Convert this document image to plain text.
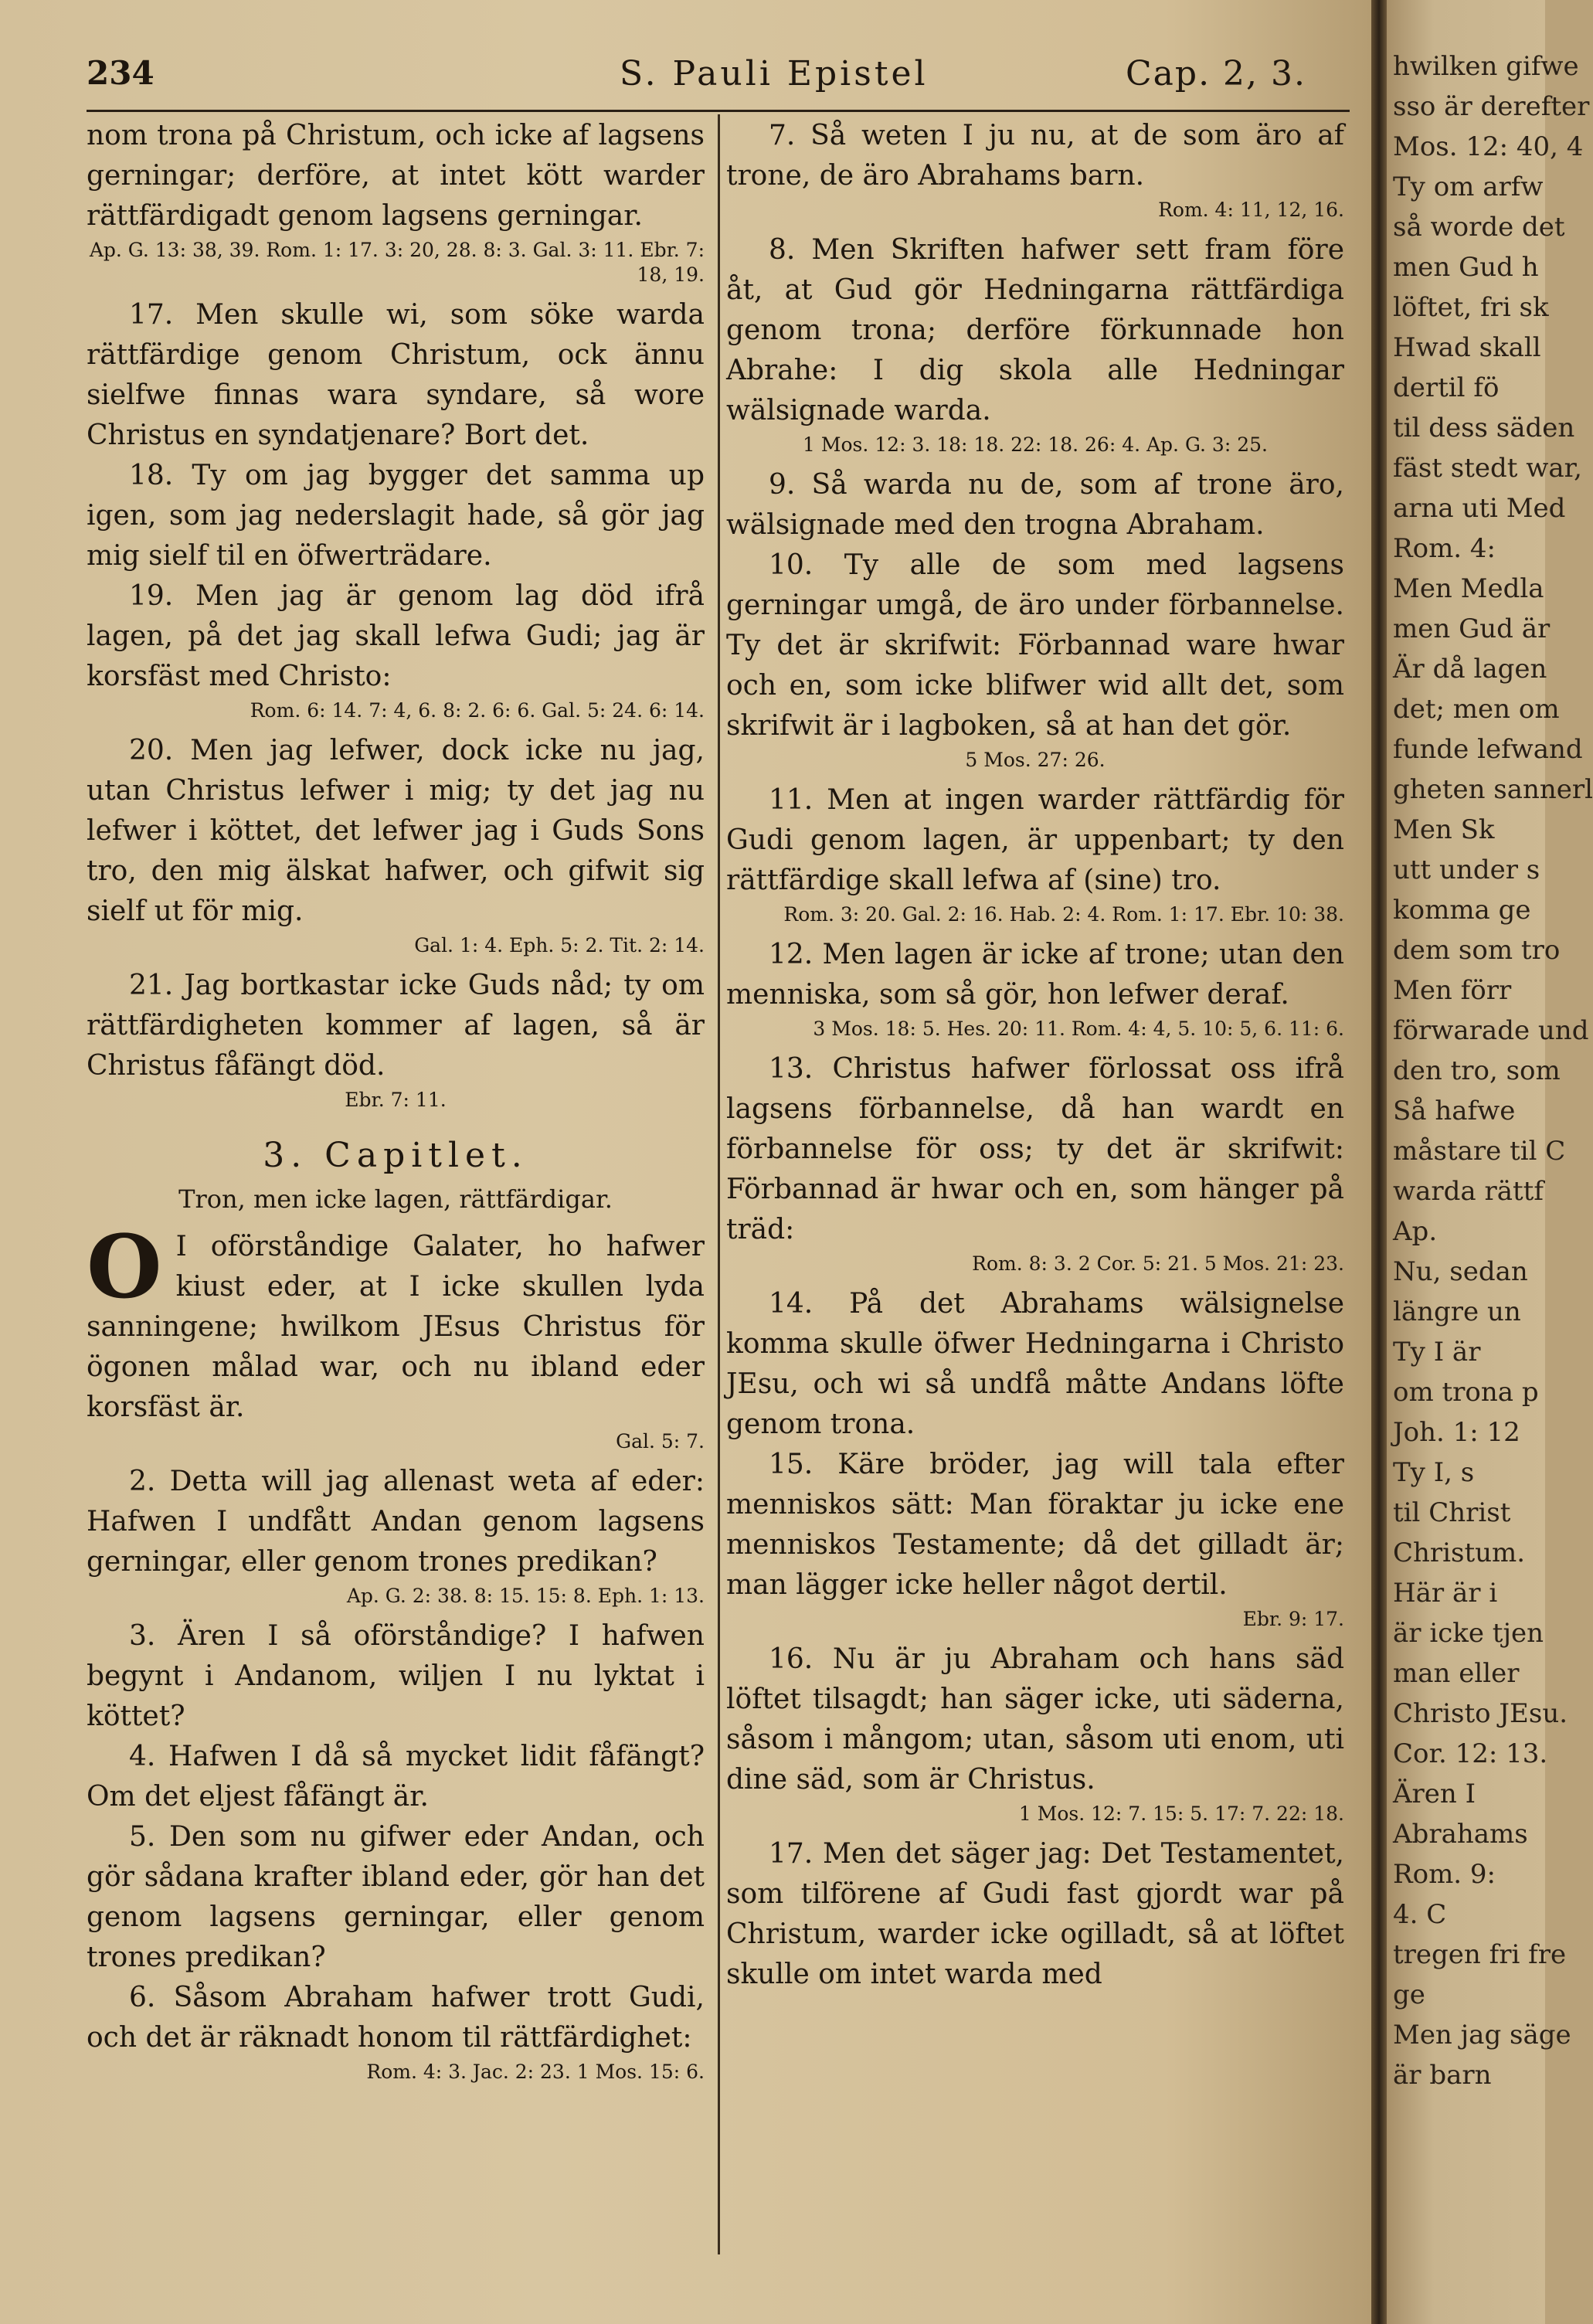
234	S. Pauli Epistel	Cap. 2, 3.

nom trona på Christum, och icke af lagsens gerningar; derföre, at intet kött warder rättfärdigadt genom lagsens gerningar.

Ap. G. 13: 38, 39. Rom. 1: 17. 3: 20, 28. 8: 3. Gal. 3: 11. Ebr. 7: 18, 19.

17. Men skulle wi, som söke warda rättfärdige genom Christum, ock ännu sielfwe finnas wara syndare, så wore Christus en syndatjenare? Bort det.

18. Ty om jag bygger det samma up igen, som jag nederslagit hade, så gör jag mig sielf til en öfwerträdare.

19. Men jag är genom lag död ifrå lagen, på det jag skall lefwa Gudi; jag är korsfäst med Christo:

Rom. 6: 14. 7: 4, 6. 8: 2. 6: 6. Gal. 5: 24. 6: 14.

20. Men jag lefwer, dock icke nu jag, utan Christus lefwer i mig; ty det jag nu lefwer i köttet, det lefwer jag i Guds Sons tro, den mig älskat hafwer, och gifwit sig sielf ut för mig.

Gal. 1: 4. Eph. 5: 2. Tit. 2: 14.

21. Jag bortkastar icke Guds nåd; ty om rättfärdigheten kommer af lagen, så är Christus fåfängt död.

Ebr. 7: 11.

3. Capitlet.

Tron, men icke lagen, rättfärdigar.

O I oförståndige Galater, ho hafwer kiust eder, at I icke skullen lyda sanningene; hwilkom JEsus Christus för ögonen målad war, och nu ibland eder korsfäst är.

Gal. 5: 7.

2. Detta will jag allenast weta af eder: Hafwen I undfått Andan genom lagsens gerningar, eller genom trones predikan?

Ap. G. 2: 38. 8: 15. 15: 8. Eph. 1: 13.

3. Ären I så oförståndige? I hafwen begynt i Andanom, wiljen I nu lyktat i köttet?

4. Hafwen I då så mycket lidit fåfängt? Om det eljest fåfängt är.

5. Den som nu gifwer eder Andan, och gör sådana krafter ibland eder, gör han det genom lagsens gerningar, eller genom trones predikan?

6. Såsom Abraham hafwer trott Gudi, och det är räknadt honom til rättfärdighet:

Rom. 4: 3. Jac. 2: 23. 1 Mos. 15: 6.

7. Så weten I ju nu, at de som äro af trone, de äro Abrahams barn.

Rom. 4: 11, 12, 16.

8. Men Skriften hafwer sett fram före åt, at Gud gör Hedningarna rättfärdiga genom trona; derföre förkunnade hon Abrahe: I dig skola alle Hedningar wälsignade warda.

1 Mos. 12: 3. 18: 18. 22: 18. 26: 4. Ap. G. 3: 25.

9. Så warda nu de, som af trone äro, wälsignade med den trogna Abraham.

10. Ty alle de som med lagsens gerningar umgå, de äro under förbannelse. Ty det är skrifwit: Förbannad ware hwar och en, som icke blifwer wid allt det, som skrifwit är i lagboken, så at han det gör.

5 Mos. 27: 26.

11. Men at ingen warder rättfärdig för Gudi genom lagen, är uppenbart; ty den rättfärdige skall lefwa af (sine) tro.

Rom. 3: 20. Gal. 2: 16. Hab. 2: 4. Rom. 1: 17. Ebr. 10: 38.

12. Men lagen är icke af trone; utan den menniska, som så gör, hon lefwer deraf.

3 Mos. 18: 5. Hes. 20: 11. Rom. 4: 4, 5. 10: 5, 6. 11: 6.

13. Christus hafwer förlossat oss ifrå lagsens förbannelse, då han wardt en förbannelse för oss; ty det är skrifwit: Förbannad är hwar och en, som hänger på träd:

Rom. 8: 3. 2 Cor. 5: 21. 5 Mos. 21: 23.

14. På det Abrahams wälsignelse komma skulle öfwer Hedningarna i Christo JEsu, och wi så undfå måtte Andans löfte genom trona.

15. Käre bröder, jag will tala efter menniskos sätt: Man föraktar ju icke ene menniskos Testamente; då det gilladt är; man lägger icke heller något dertil.

Ebr. 9: 17.

16. Nu är ju Abraham och hans säd löftet tilsagdt; han säger icke, uti säderna, såsom i mångom; utan, såsom uti enom, uti dine säd, som är Christus.

1 Mos. 12: 7. 15: 5. 17: 7. 22: 18.

17. Men det säger jag: Det Testamentet, som tilförene af Gudi fast gjordt war på Christum, warder icke ogilladt, så at löftet skulle om intet warda med

hwilken gifwe
sso är derefter
Mos. 12: 40, 4
Ty om arfw
så worde det
men Gud h
löftet, fri sk
Hwad skall
dertil fö
til dess säden
fäst stedt war,
arna uti Med
Rom. 4:
Men Medla
men Gud är
Är då lagen
det; men om
funde lefwand
gheten sannerl
Men Sk
utt under s
komma ge
dem som tro
Men förr
förwarade und
den tro, som
Så hafwe
måstare til C
warda rättf
Ap.
Nu, sedan
längre un
Ty I är
om trona p
Joh. 1: 12
Ty I, s
til Christ
Christum.
Här är i
är icke tjen
man eller
Christo JEsu.
Cor. 12: 13.
Ären I
Abrahams
Rom. 9:
4. C
tregen fri fre
ge
Men jag säge
är barn
